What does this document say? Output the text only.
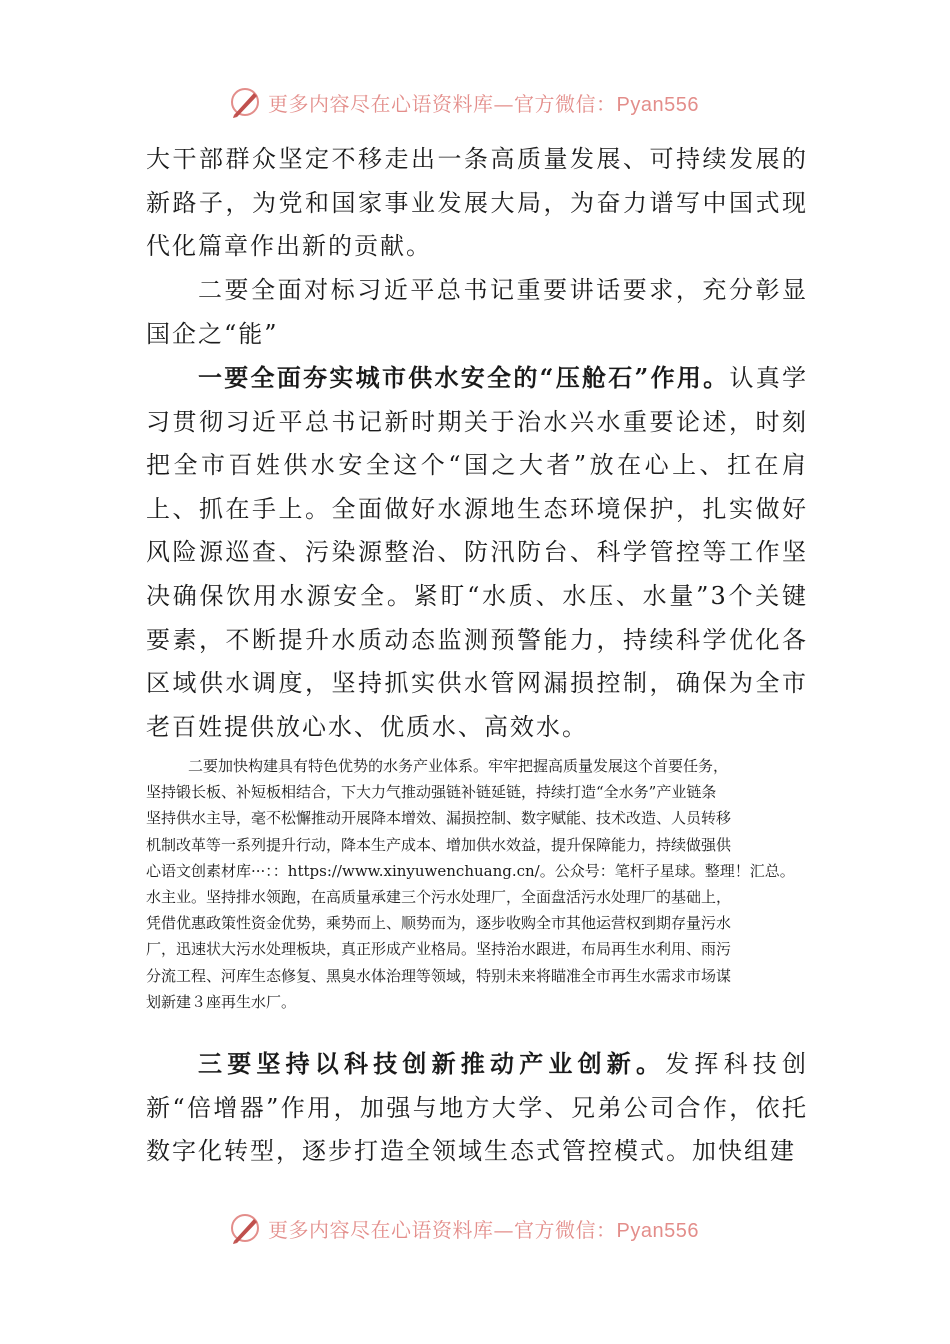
更多内容尽在心语资料库—官方微信：Pyan556

大干部群众坚定不移走出一条高质量发展、可持续发展的新路子，为党和国家事业发展大局，为奋力谱写中国式现代化篇章作出新的贡献。

二要全面对标习近平总书记重要讲话要求，充分彰显国企之“能”

一要全面夯实城市供水安全的“压舱石”作用。认真学习贯彻习近平总书记新时期关于治水兴水重要论述，时刻把全市百姓供水安全这个“国之大者”放在心上、扛在肩上、抓在手上。全面做好水源地生态环境保护，扎实做好风险源巡查、污染源整治、防汛防台、科学管控等工作坚决确保饮用水源安全。紧盯“水质、水压、水量”3个关键要素，不断提升水质动态监测预警能力，持续科学优化各区域供水调度，坚持抓实供水管网漏损控制，确保为全市老百姓提供放心水、优质水、高效水。

二要加快构建具有特色优势的水务产业体系。牢牢把握高质量发展这个首要任务，
坚持锻长板、补短板相结合，下大力气推动强链补链延链，持续打造“全水务”产业链条
坚持供水主导，毫不松懈推动开展降本增效、漏损控制、数字赋能、技术改造、人员转移
机制改革等一系列提升行动，降本生产成本、增加供水效益，提升保障能力，持续做强供
心语文创素材库···：：https://www.xinyuwenchuang.cn/。公众号：笔杆子星球。整理！汇总。
水主业。坚持排水领跑，在高质量承建三个污水处理厂，全面盘活污水处理厂的基础上，
凭借优惠政策性资金优势，乘势而上、顺势而为，逐步收购全市其他运营权到期存量污水
厂，迅速状大污水处理板块，真正形成产业格局。坚持治水跟进，布局再生水利用、雨污
分流工程、河库生态修复、黑臭水体治理等领域，特别未来将瞄准全市再生水需求市场谋
划新建３座再生水厂。

三要坚持以科技创新推动产业创新。发挥科技创新“倍增器”作用，加强与地方大学、兄弟公司合作，依托数字化转型，逐步打造全领域生态式管控模式。加快组建

更多内容尽在心语资料库—官方微信：Pyan556
